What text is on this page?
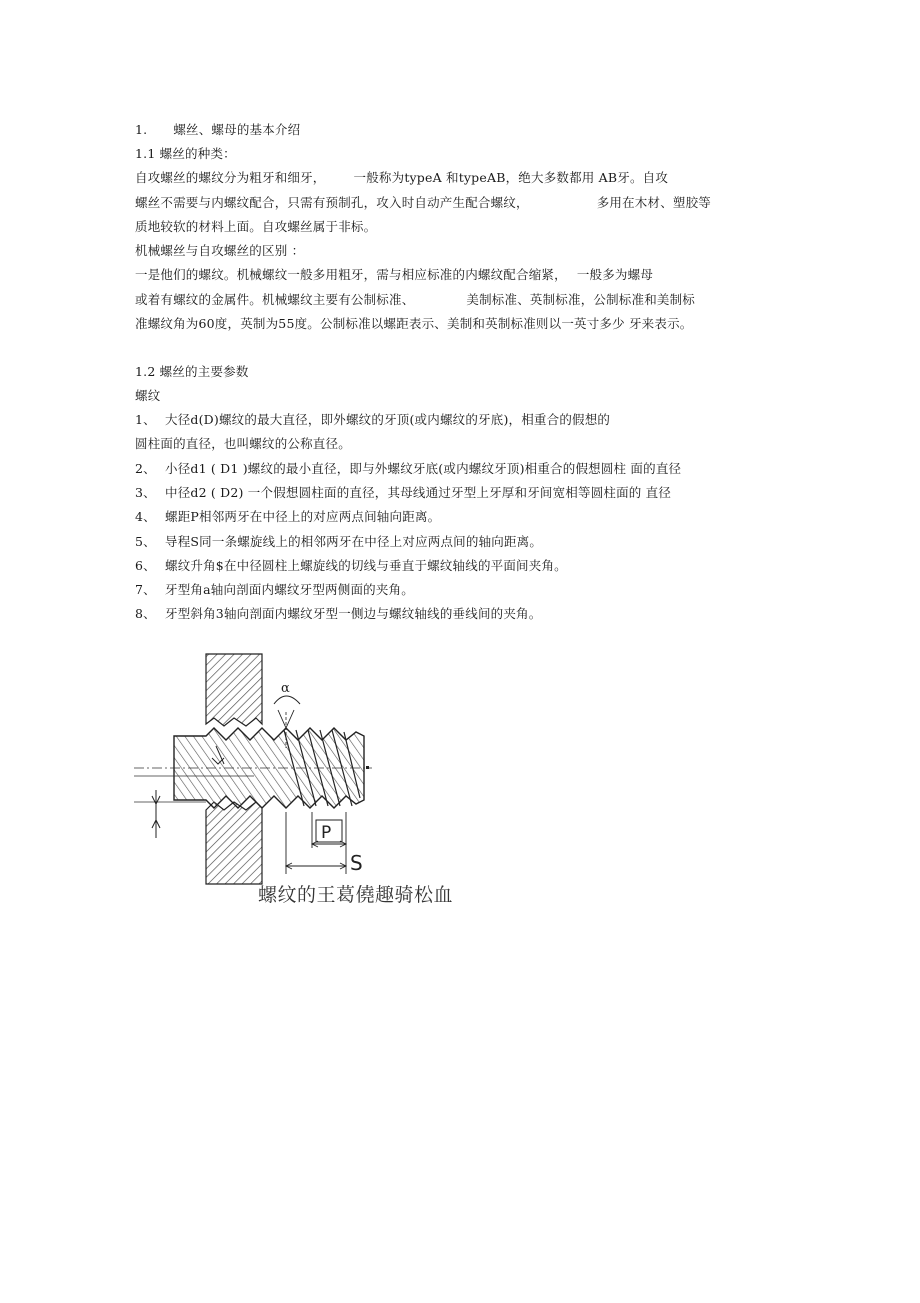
1. 螺丝、螺母的基本介绍
1.1 螺丝的种类：
自攻螺丝的螺纹分为粗牙和细牙， 一般称为typeA 和typeAB，绝大多数都用 AB牙。自攻
螺丝不需要与内螺纹配合，只需有预制孔，攻入时自动产生配合螺纹，	多用在木材、塑胶等
质地较软的材料上面。自攻螺丝属于非标。
机械螺丝与自攻螺丝的区别 ：
一是他们的螺纹。机械螺纹一般多用粗牙，需与相应标准的内螺纹配合缩紧， 一般多为螺母
或着有螺纹的金属件。机械螺纹主要有公制标准、	美制标准、英制标准，公制标准和美制标
准螺纹角为60度，英制为55度。公制标准以螺距表示、美制和英制标准则以一英寸多少 牙来表示。
1.2 螺丝的主要参数
螺纹
1、 大径d(D)螺纹的最大直径，即外螺纹的牙顶(或内螺纹的牙底)，相重合的假想的
圆柱面的直径，也叫螺纹的公称直径。
2、 小径d1 ( D1 )螺纹的最小直径，即与外螺纹牙底(或内螺纹牙顶)相重合的假想圆柱 面的直径
3、 中径d2 ( D2) 一个假想圆柱面的直径，其母线通过牙型上牙厚和牙间宽相等圆柱面的 直径
4、 螺距P相邻两牙在中径上的对应两点间轴向距离。
5、 导程S同一条螺旋线上的相邻两牙在中径上对应两点间的轴向距离。
6、 螺纹升角$在中径圆柱上螺旋线的切线与垂直于螺纹轴线的平面间夹角。
7、 牙型角a轴向剖面内螺纹牙型两侧面的夹角。
8、 牙型斜角3轴向剖面内螺纹牙型一侧边与螺纹轴线的垂线间的夹角。
α
P
S
螺纹的王葛僥趣骑松血
